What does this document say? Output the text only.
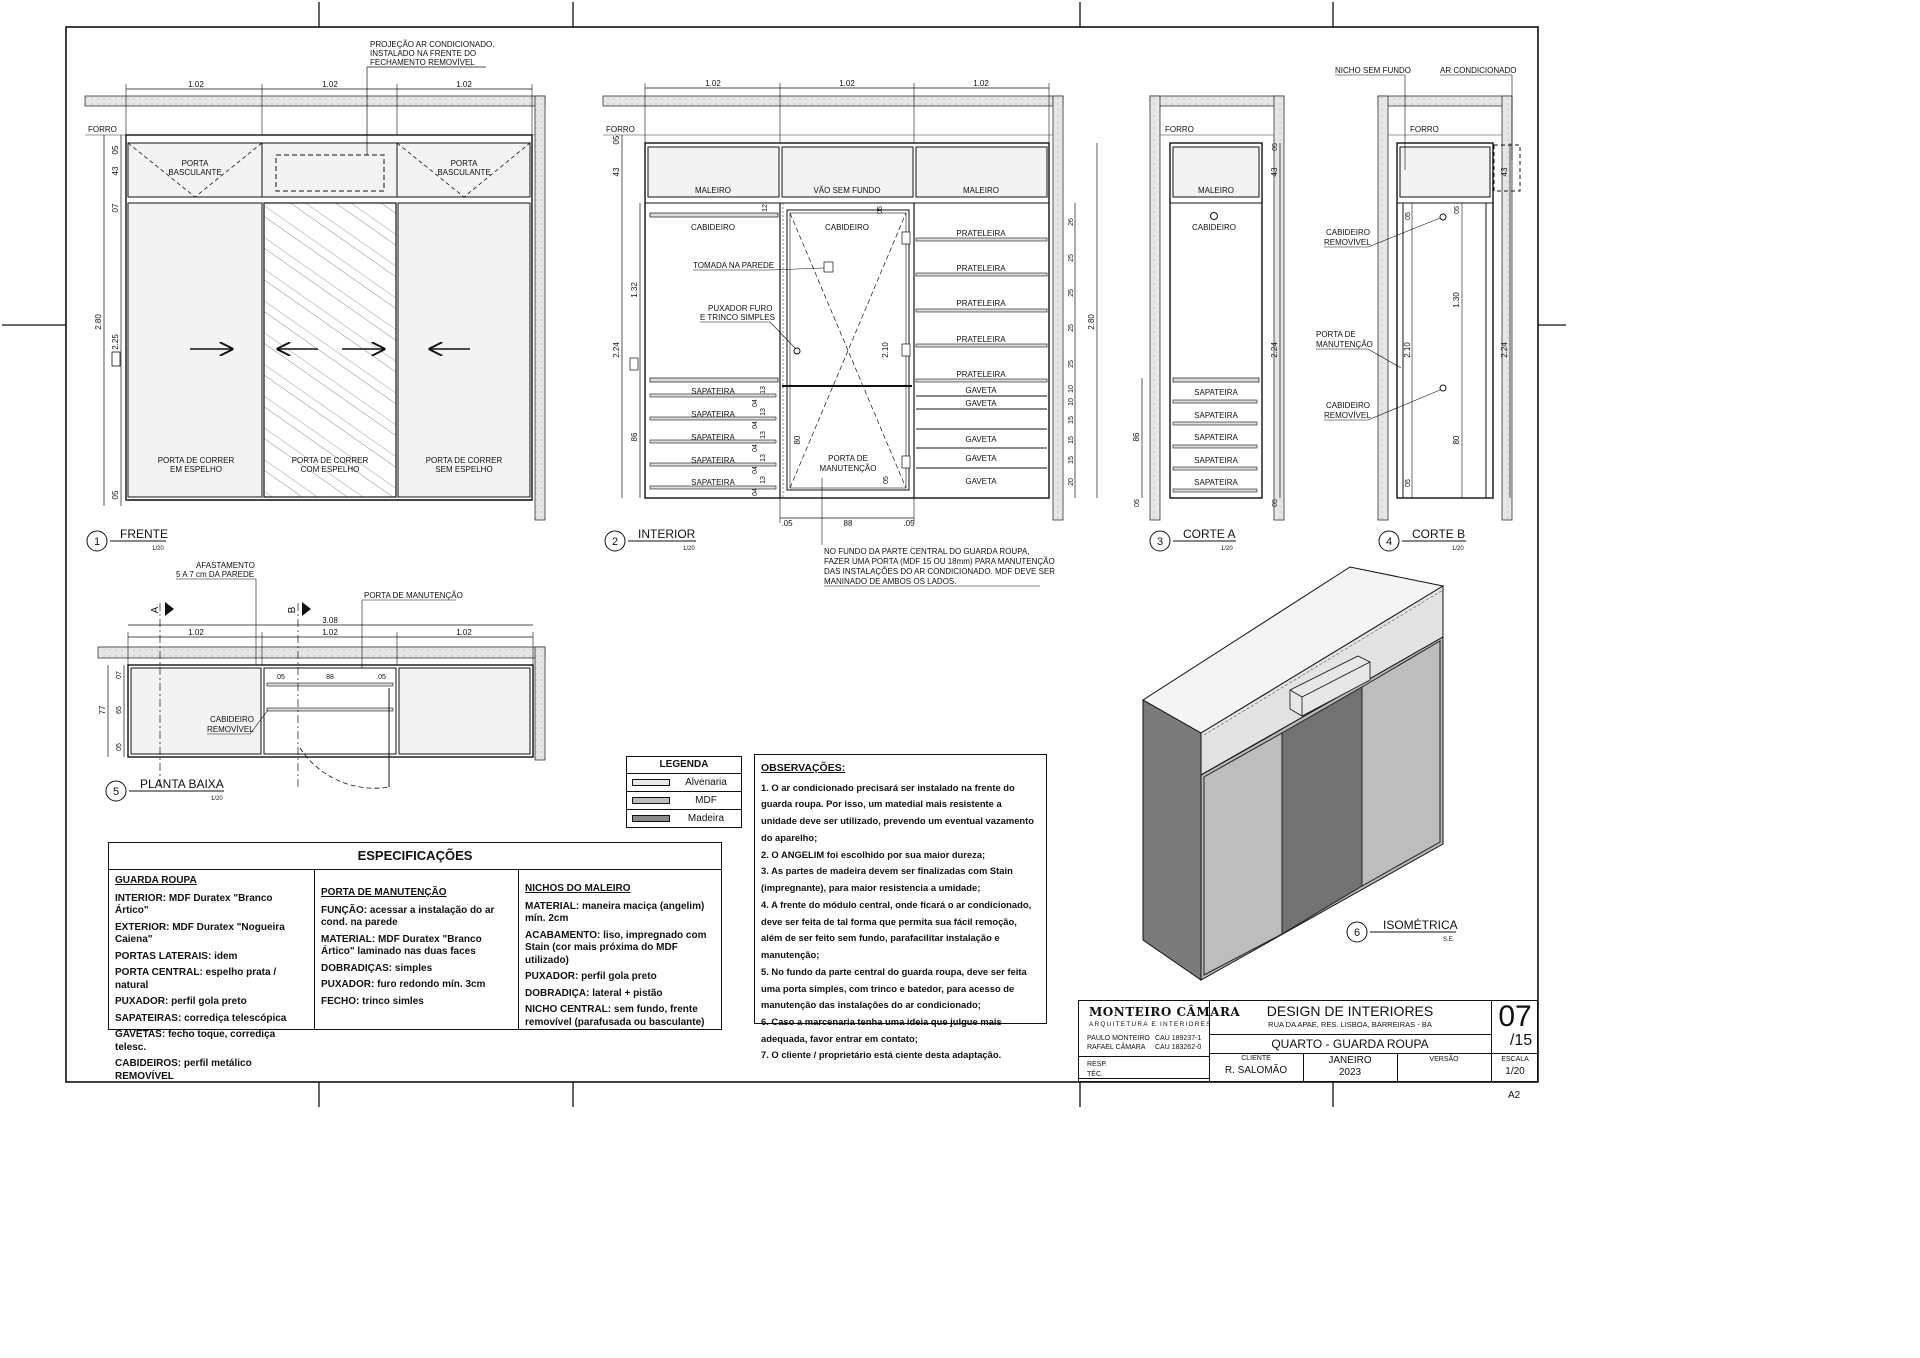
FORRO
PORTA
BASCULANTE
PORTA
BASCULANTE
PORTA DE CORRER
EM ESPELHO
PORTA DE CORRER
COM ESPELHO
PORTA DE CORRER
SEM ESPELHO
1.02	1.02	1.02
2.80
2.25
05
43
07
05
PROJEÇÃO AR CONDICIONADO.
INSTALADO NA FRENTE DO
FECHAMENTO REMOVÍVEL
1
FRENTE
1/20
FORRO
MALEIRO	VÃO SEM FUNDO	MALEIRO
CABIDEIRO	CABIDEIRO
TOMADA NA PAREDE
PUXADOR FURO
E TRINCO SIMPLES
PORTA DE
MANUTENÇÃO
SAPATEIRA
SAPATEIRA
SAPATEIRA
SAPATEIRA
SAPATEIRA
PRATELEIRA
PRATELEIRA
PRATELEIRA
PRATELEIRA
PRATELEIRA
GAVETA
GAVETA
GAVETA
GAVETA
GAVETA
1.02	1.02	1.02
43
05
2.24
1.32
86
12	05
2.10
80
05
13
13
13
13
13
04
04
04
04
04
2.80
26
25
25
25
25
10
10
15
15
15
20
.05	88	.05
NO FUNDO DA PARTE CENTRAL DO GUARDA ROUPA,
FAZER UMA PORTA (MDF 15 OU 18mm) PARA MANUTENÇÃO
DAS INSTALAÇÕES DO AR CONDICIONADO. MDF DEVE SER
MANINADO DE AMBOS OS LADOS.
2
INTERIOR
1/20
FORRO
MALEIRO
CABIDEIRO
SAPATEIRA
SAPATEIRA
SAPATEIRA
SAPATEIRA
SAPATEIRA
86
05
43
05
2.24
05
3
CORTE A
1/20
FORRO
NICHO SEM FUNDO	AR CONDICIONADO
CABIDEIRO
REMOVÍVEL
PORTA DE
MANUTENÇÃO
CABIDEIRO
REMOVÍVEL
05
2.10
05
05
1.30
80
43
2.24
4
CORTE B
1/20
CABIDEIRO
REMOVÍVEL
1.02	1.02	1.02
3.08
.05	88	.05
77
07
65
05
AFASTAMENTO
5 A 7 cm DA PAREDE
PORTA DE MANUTENÇÃO
A	B
5
PLANTA BAIXA
1/20
6
ISOMÉTRICA
S.E.
LEGENDA
Alvenaria
MDF
Madeira
ESPECIFICAÇÕES
GUARDA ROUPA

INTERIOR: MDF Duratex "Branco Ártico"

EXTERIOR: MDF Duratex "Nogueira Caiena"

PORTAS LATERAIS: idem

PORTA CENTRAL: espelho prata / natural

PUXADOR: perfil gola preto

SAPATEIRAS: corrediça telescópica

GAVETAS: fecho toque, corrediça telesc.

CABIDEIROS: perfil metálico REMOVÍVEL

PORTA DE MANUTENÇÃO

FUNÇÃO: acessar a instalação do ar cond. na parede

MATERIAL: MDF Duratex "Branco Ártico" laminado nas duas faces

DOBRADIÇAS: simples

PUXADOR: furo redondo mín. 3cm

FECHO: trinco simles

NICHOS DO MALEIRO

MATERIAL: maneira maciça (angelim) mín. 2cm

ACABAMENTO: liso, impregnado com Stain (cor mais próxima do MDF utilizado)

PUXADOR: perfil gola preto

DOBRADIÇA: lateral + pistão

NICHO CENTRAL: sem fundo, frente removível (parafusada ou basculante)

OBSERVAÇÕES:

1. O ar condicionado precisará ser instalado na frente do guarda roupa. Por isso, um matedial mais resistente a unidade deve ser utilizado, prevendo um eventual vazamento do aparelho;

2. O ANGELIM foi escolhido por sua maior dureza;

3. As partes de madeira devem ser finalizadas com Stain (impregnante), para maior resistencia a umidade;

4. A frente do módulo central, onde ficará o ar condicionado, deve ser feita de tal forma que permita sua fácil remoção, além de ser feito sem fundo, parafacilitar instalação e manutenção;

5. No fundo da parte central do guarda roupa, deve ser feita uma porta simples, com trinco e batedor, para acesso de manutenção das instalações do ar condicionado;

6. Caso a marcenaria tenha uma ideia que julgue mais adequada, favor entrar em contato;

7. O cliente / proprietário está ciente desta adaptação.

MONTEIRO CÂMARA
ARQUITETURA E INTERIORES
PAULO MONTEIRO CAU 189237-1
RAFAEL CÂMARA CAU 183262-0
RESP.
TÉC.
DESIGN DE INTERIORES
RUA DA APAE, RES. LISBOA, BARREIRAS - BA
QUARTO - GUARDA ROUPA
CLIENTE
R. SALOMÃO
JANEIRO
2023
VERSÃO
07
/15
ESCALA
1/20
A2
